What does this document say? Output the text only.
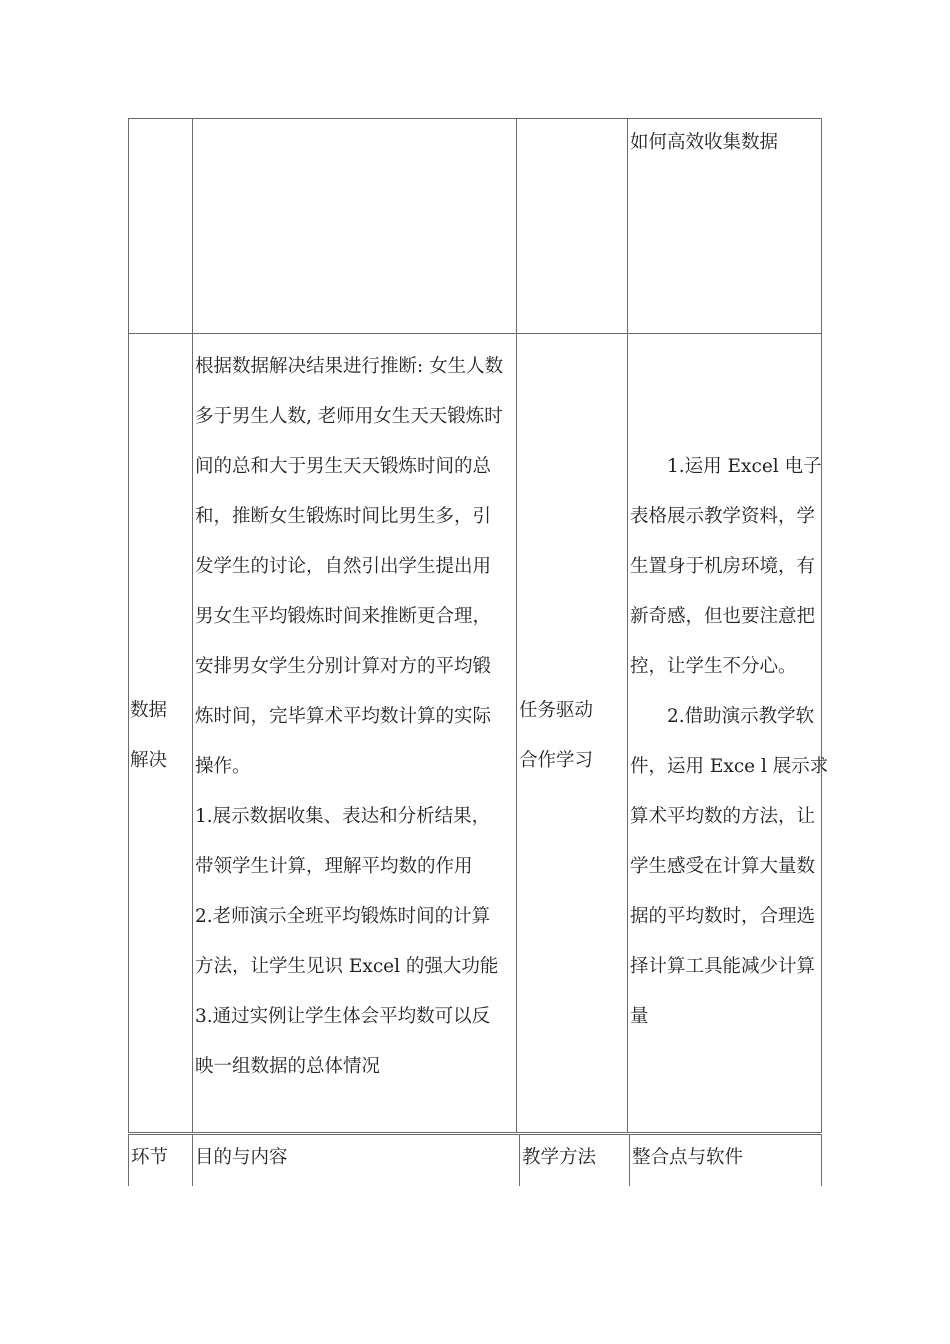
如何高效收集数据
数据
解决
根据数据解决结果进行推断: 女生人数
多于男生人数, 老师用女生天天锻炼时
间的总和大于男生天天锻炼时间的总
和，推断女生锻炼时间比男生多，引
发学生的讨论，自然引出学生提出用
男女生平均锻炼时间来推断更合理，
安排男女学生分别计算对方的平均锻
炼时间，完毕算术平均数计算的实际
操作。
1.展示数据收集、表达和分析结果，
带领学生计算，理解平均数的作用
2.老师演示全班平均锻炼时间的计算
方法，让学生见识 Excel 的强大功能
3.通过实例让学生体会平均数可以反
映一组数据的总体情况
任务驱动
合作学习
　　1.运用 Excel 电子
表格展示教学资料，学
生置身于机房环境，有
新奇感，但也要注意把
控，让学生不分心。
　　2.借助演示教学软
件，运用 Exce l 展示求
算术平均数的方法，让
学生感受在计算大量数
据的平均数时，合理选
择计算工具能减少计算
量
环节 目的与内容	教学方法 整合点与软件
